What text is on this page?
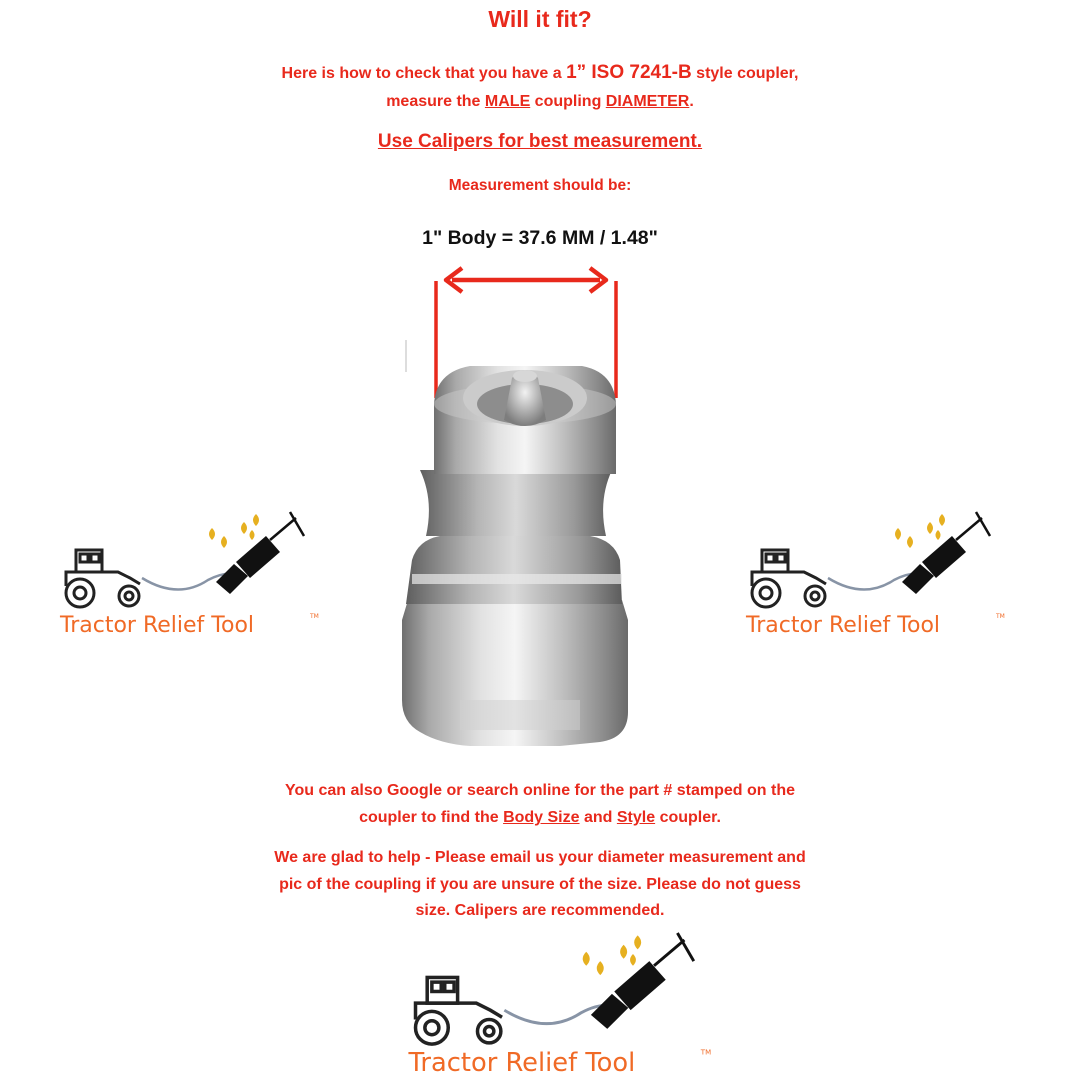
Will it fit?
Here is how to check that you have a 1” ISO 7241-B style coupler,
measure the MALE coupling DIAMETER.
Use Calipers for best measurement.
Measurement should be:
1" Body = 37.6 MM / 1.48"
Tractor Relief Tool	TM	Tractor Relief Tool	TM
You can also Google or search online for the part # stamped on the
coupler to find the Body Size and Style coupler.
We are glad to help - Please email us your diameter measurement and
pic of the coupling if you are unsure of the size. Please do not guess
size. Calipers are recommended.
Tractor Relief Tool	TM
